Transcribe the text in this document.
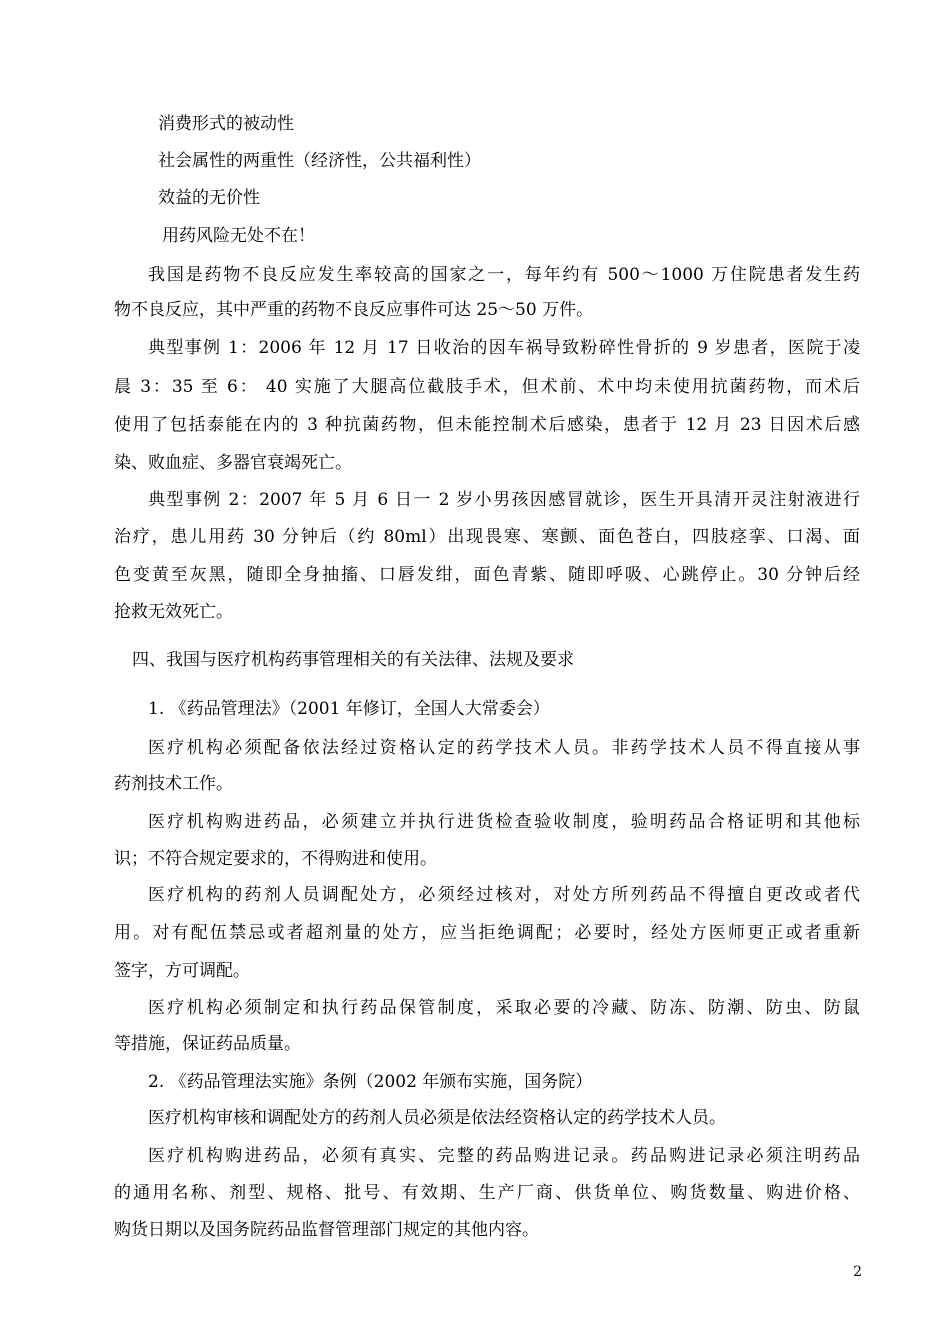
消费形式的被动性
社会属性的两重性（经济性，公共福利性）
效益的无价性
用药风险无处不在！
我国是药物不良反应发生率较高的国家之一，每年约有 500～1000 万住院患者发生药
物不良反应，其中严重的药物不良反应事件可达 25～50 万件。
典型事例 1：2006 年 12 月 17 日收治的因车祸导致粉碎性骨折的 9 岁患者，医院于凌
晨 3：35 至 6： 40 实施了大腿高位截肢手术，但术前、术中均未使用抗菌药物，而术后
使用了包括泰能在内的 3 种抗菌药物，但未能控制术后感染，患者于 12 月 23 日因术后感
染、败血症、多器官衰竭死亡。
典型事例 2：2007 年 5 月 6 日一 2 岁小男孩因感冒就诊，医生开具清开灵注射液进行
治疗，患儿用药 30 分钟后（约 80ml）出现畏寒、寒颤、面色苍白，四肢痉挛、口渴、面
色变黄至灰黑，随即全身抽搐、口唇发绀，面色青紫、随即呼吸、心跳停止。30 分钟后经
抢救无效死亡。
四、我国与医疗机构药事管理相关的有关法律、法规及要求
1. 《药品管理法》（2001 年修订，全国人大常委会）
医疗机构必须配备依法经过资格认定的药学技术人员。非药学技术人员不得直接从事
药剂技术工作。
医疗机构购进药品，必须建立并执行进货检查验收制度，验明药品合格证明和其他标
识；不符合规定要求的，不得购进和使用。
医疗机构的药剂人员调配处方，必须经过核对，对处方所列药品不得擅自更改或者代
用。对有配伍禁忌或者超剂量的处方，应当拒绝调配；必要时，经处方医师更正或者重新
签字，方可调配。
医疗机构必须制定和执行药品保管制度，采取必要的冷藏、防冻、防潮、防虫、防鼠
等措施，保证药品质量。
2. 《药品管理法实施》条例（2002 年颁布实施，国务院）
医疗机构审核和调配处方的药剂人员必须是依法经资格认定的药学技术人员。
医疗机构购进药品，必须有真实、完整的药品购进记录。药品购进记录必须注明药品
的通用名称、剂型、规格、批号、有效期、生产厂商、供货单位、购货数量、购进价格、
购货日期以及国务院药品监督管理部门规定的其他内容。
2
